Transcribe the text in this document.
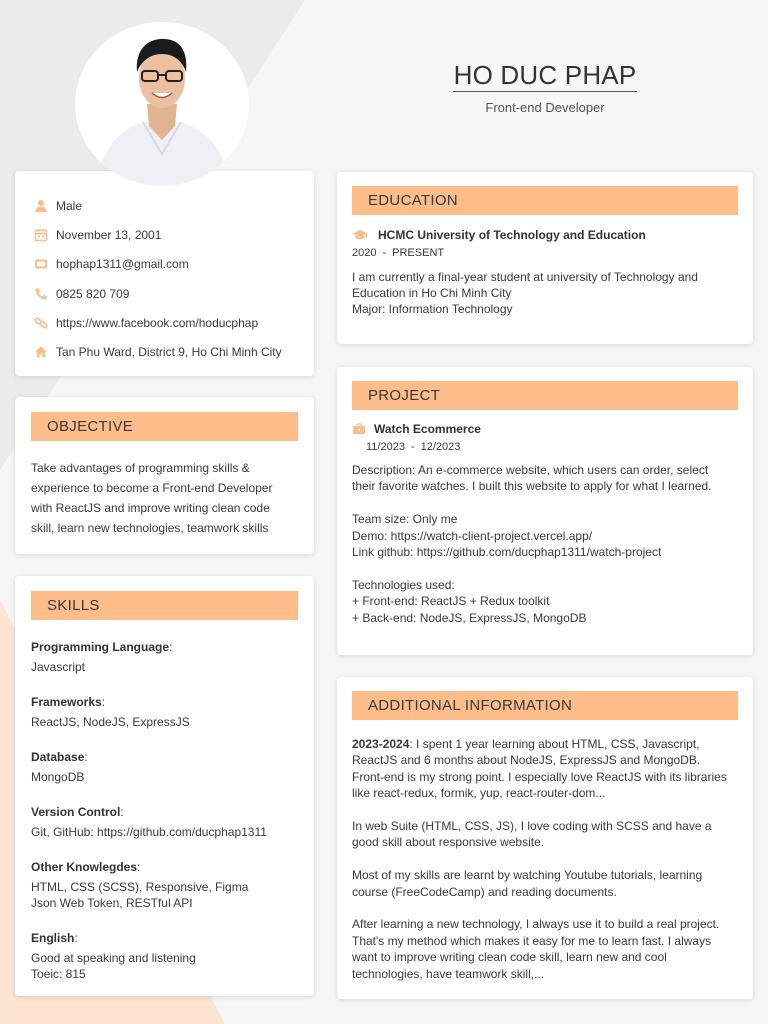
HO DUC PHAP
Front-end Developer
Male
November 13, 2001
hophap1311@gmail.com
0825 820 709
https://www.facebook.com/hoducphap
Tan Phu Ward, District 9, Ho Chi Minh City
OBJECTIVE

Take advantages of programming skills & experience to become a Front-end Developer with ReactJS and improve writing clean code skill, learn new technologies, teamwork skills

SKILLS
Programming Language:
Javascript
Frameworks:
ReactJS, NodeJS, ExpressJS
Database:
MongoDB
Version Control:
Git, GitHub: https://github.com/ducphap1311
Other Knowlegdes:
HTML, CSS (SCSS), Responsive, Figma
Json Web Token, RESTful API
English:
Good at speaking and listening
Toeic: 815
EDUCATION
HCMC University of Technology and Education
2020 - PRESENT
I am currently a final-year student at university of Technology and
Education in Ho Chi Minh City
Major: Information Technology
PROJECT
Watch Ecommerce
11/2023 - 12/2023
Description: An e-commerce website, which users can order, select
their favorite watches. I built this website to apply for what I learned.
Team size: Only me
Demo: https://watch-client-project.vercel.app/
Link github: https://github.com/ducphap1311/watch-project
Technologies used:
+ Front-end: ReactJS + Redux toolkit
+ Back-end: NodeJS, ExpressJS, MongoDB
ADDITIONAL INFORMATION
2023-2024: I spent 1 year learning about HTML, CSS, Javascript,
ReactJS and 6 months about NodeJS, ExpressJS and MongoDB.
Front-end is my strong point. I especially love ReactJS with its libraries
like react-redux, formik, yup, react-router-dom...
In web Suite (HTML, CSS, JS), I love coding with SCSS and have a
good skill about responsive website.
Most of my skills are learnt by watching Youtube tutorials, learning
course (FreeCodeCamp) and reading documents.
After learning a new technology, I always use it to build a real project.
That's my method which makes it easy for me to learn fast. I always
want to improve writing clean code skill, learn new and cool
technologies, have teamwork skill,...
